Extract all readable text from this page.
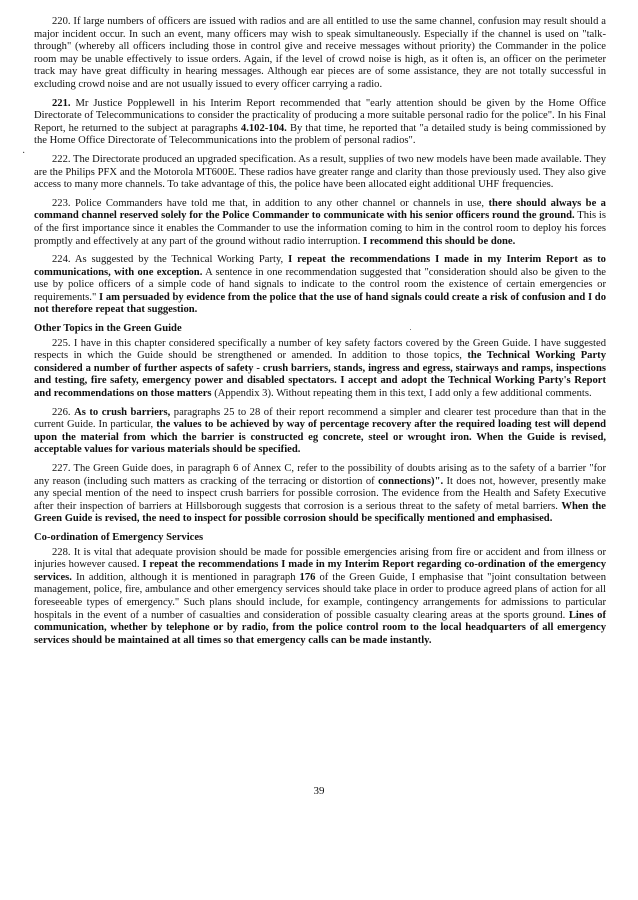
·

220. If large numbers of officers are issued with radios and are all entitled to use the same channel, confusion may result should a major incident occur. In such an event, many officers may wish to speak simultaneously. Especially if the channel is used on "talk-through" (whereby all officers including those in control give and receive messages without priority) the Commander in the police room may be unable effectively to issue orders. Again, if the level of crowd noise is high, as it often is, an officer on the perimeter track may have great difficulty in hearing messages. Although ear pieces are of some assistance, they are not totally successful in excluding crowd noise and are not usually issued to every officer carrying a radio.

221. Mr Justice Popplewell in his Interim Report recommended that "early attention should be given by the Home Office Directorate of Telecommunications to consider the practicality of producing a more suitable personal radio for the police". In his Final Report, he returned to the subject at paragraphs 4.102-104. By that time, he reported that "a detailed study is being commissioned by the Home Office Directorate of Telecommunications into the problem of personal radios".

222. The Directorate produced an upgraded specification. As a result, supplies of two new models have been made available. They are the Philips PFX and the Motorola MT600E. These radios have greater range and clarity than those previously used. They also give access to many more channels. To take advantage of this, the police have been allocated eight additional UHF frequencies.

223. Police Commanders have told me that, in addition to any other channel or channels in use, there should always be a command channel reserved solely for the Police Commander to communicate with his senior officers round the ground. This is of the first importance since it enables the Commander to use the information coming to him in the control room to deploy his forces promptly and effectively at any part of the ground without radio interruption. I recommend this should be done.

224. As suggested by the Technical Working Party, I repeat the recommendations I made in my Interim Report as to communications, with one exception. A sentence in one recommendation suggested that "consideration should also be given to the use by police officers of a simple code of hand signals to indicate to the control room the existence of certain emergencies or requirements." I am persuaded by evidence from the police that the use of hand signals could create a risk of confusion and I do not therefore repeat that suggestion.

Other Topics in the Green Guide

225. I have in this chapter considered specifically a number of key safety factors covered by the Green Guide. I have suggested respects in which the Guide should be strengthened or amended. In addition to those topics, the Technical Working Party considered a number of further aspects of safety - crush barriers, stands, ingress and egress, stairways and ramps, inspections and testing, fire safety, emergency power and disabled spectators. I accept and adopt the Technical Working Party's Report and recommendations on those matters (Appendix 3). Without repeating them in this text, I add only a few additional comments.

226. As to crush barriers, paragraphs 25 to 28 of their report recommend a simpler and clearer test procedure than that in the current Guide. In particular, the values to be achieved by way of percentage recovery after the required loading test will depend upon the material from which the barrier is constructed eg concrete, steel or wrought iron. When the Guide is revised, acceptable values for various materials should be specified.

227. The Green Guide does, in paragraph 6 of Annex C, refer to the possibility of doubts arising as to the safety of a barrier "for any reason (including such matters as cracking of the terracing or distortion of connections)". It does not, however, presently make any special mention of the need to inspect crush barriers for possible corrosion. The evidence from the Health and Safety Executive after their inspection of barriers at Hillsborough suggests that corrosion is a serious threat to the safety of metal barriers. When the Green Guide is revised, the need to inspect for possible corrosion should be specifically mentioned and emphasised.

Co-ordination of Emergency Services

228. It is vital that adequate provision should be made for possible emergencies arising from fire or accident and from illness or injuries however caused. I repeat the recommendations I made in my Interim Report regarding co-ordination of the emergency services. In addition, although it is mentioned in paragraph 176 of the Green Guide, I emphasise that "joint consultation between management, police, fire, ambulance and other emergency services should take place in order to produce agreed plans of action for all foreseeable types of emergency." Such plans should include, for example, contingency arrangements for admissions to particular hospitals in the event of a number of casualties and consideration of possible casualty clearing areas at the sports ground. Lines of communication, whether by telephone or by radio, from the police control room to the local headquarters of all emergency services should be maintained at all times so that emergency calls can be made instantly.

39
